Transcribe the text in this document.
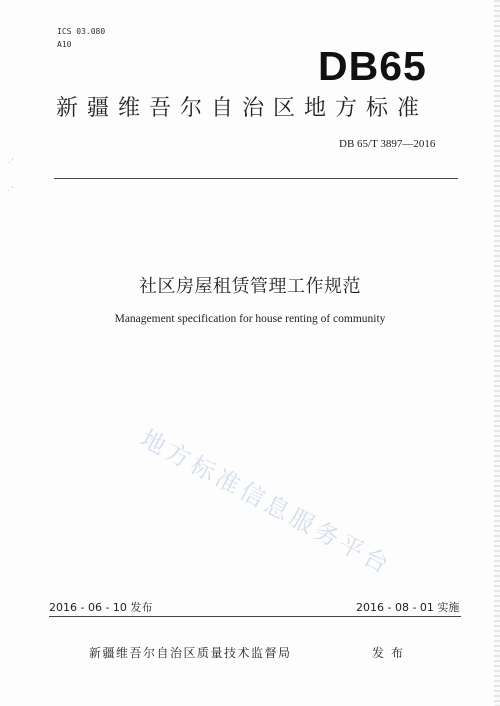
ICS 03.080
A10	DB65
新疆维吾尔自治区地方标准
DB 65/T 3897—2016
. '
. '
社区房屋租赁管理工作规范
Management specification for house renting of community
地方标准信息服务平台
2016 - 06 - 10 发布	2016 - 08 - 01 实施
新疆维吾尔自治区质量技术监督局	发布
